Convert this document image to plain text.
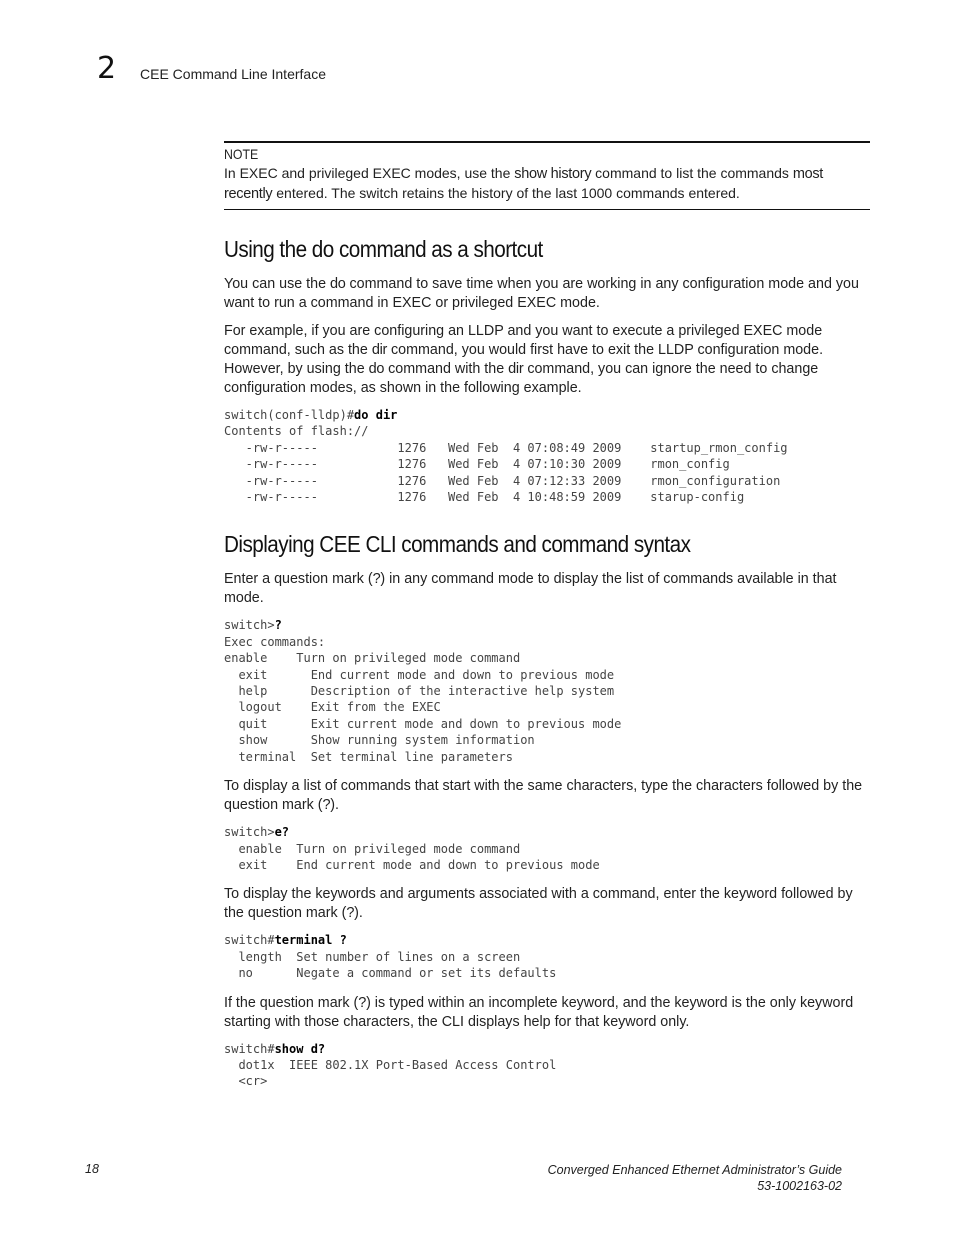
2 CEE Command Line Interface
NOTE

In EXEC and privileged EXEC modes, use the show history command to list the commands most recently entered. The switch retains the history of the last 1000 commands entered.

Using the do command as a shortcut

You can use the do command to save time when you are working in any configuration mode and you want to run a command in EXEC or privileged EXEC mode.

For example, if you are configuring an LLDP and you want to execute a privileged EXEC mode command, such as the dir command, you would first have to exit the LLDP configuration mode. However, by using the do command with the dir command, you can ignore the need to change configuration modes, as shown in the following example.

switch(conf-lldp)#do dir
Contents of flash://
-rw-r-----           1276   Wed Feb  4 07:08:49 2009    startup_rmon_config
-rw-r-----           1276   Wed Feb  4 07:10:30 2009    rmon_config
-rw-r-----           1276   Wed Feb  4 07:12:33 2009    rmon_configuration
-rw-r-----           1276   Wed Feb  4 10:48:59 2009    starup-config
Displaying CEE CLI commands and command syntax

Enter a question mark (?) in any command mode to display the list of commands available in that mode.

switch>?
Exec commands:
enable    Turn on privileged mode command
exit      End current mode and down to previous mode
help      Description of the interactive help system
logout    Exit from the EXEC
quit      Exit current mode and down to previous mode
show      Show running system information
terminal  Set terminal line parameters

To display a list of commands that start with the same characters, type the characters followed by the question mark (?).

switch>e?
enable  Turn on privileged mode command
exit    End current mode and down to previous mode

To display the keywords and arguments associated with a command, enter the keyword followed by the question mark (?).

switch#terminal ?
length  Set number of lines on a screen
no      Negate a command or set its defaults

If the question mark (?) is typed within an incomplete keyword, and the keyword is the only keyword starting with those characters, the CLI displays help for that keyword only.

switch#show d?
dot1x  IEEE 802.1X Port-Based Access Control
<cr>
18	Converged Enhanced Ethernet Administrator’s Guide
53-1002163-02
